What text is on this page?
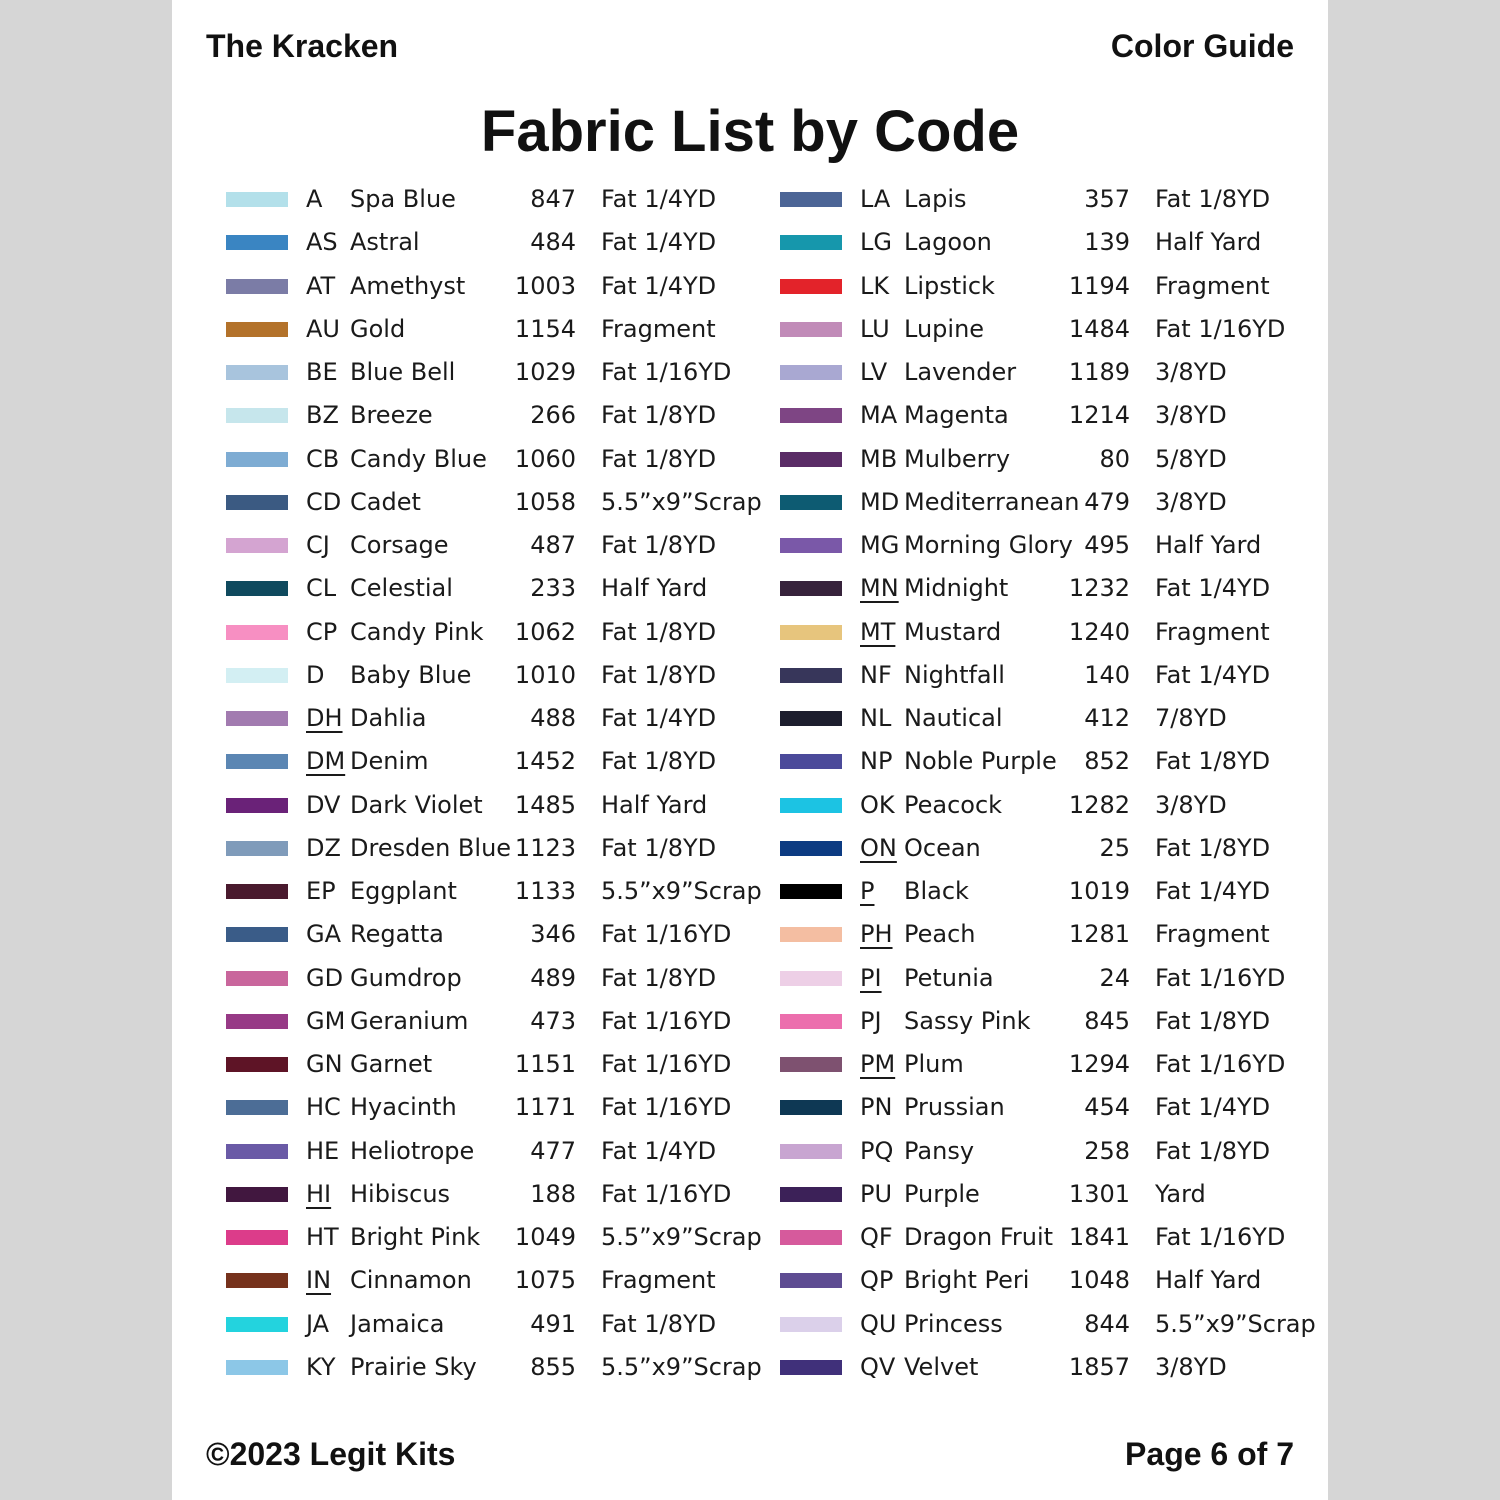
The Kracken	Color Guide
Fabric List by Code
A Spa Blue	847 Fat 1/4YD
AS Astral	484 Fat 1/4YD
AT Amethyst	1003 Fat 1/4YD
AU Gold	1154 Fragment
BE Blue Bell	1029 Fat 1/16YD
BZ Breeze	266 Fat 1/8YD
CB Candy Blue	1060 Fat 1/8YD
CD Cadet	1058 5.5”x9”Scrap
CJ Corsage	487 Fat 1/8YD
CL Celestial	233 Half Yard
CP Candy Pink	1062 Fat 1/8YD
D Baby Blue	1010 Fat 1/8YD
DH Dahlia	488 Fat 1/4YD
DM Denim	1452 Fat 1/8YD
DV Dark Violet	1485 Half Yard
DZ Dresden Blue 1123 Fat 1/8YD
EP Eggplant	1133 5.5”x9”Scrap
GA Regatta	346 Fat 1/16YD
GD Gumdrop	489 Fat 1/8YD
GM Geranium	473 Fat 1/16YD
GN Garnet	1151 Fat 1/16YD
HC Hyacinth	1171 Fat 1/16YD
HE Heliotrope	477 Fat 1/4YD
HI Hibiscus	188 Fat 1/16YD
HT Bright Pink	1049 5.5”x9”Scrap
IN Cinnamon	1075 Fragment
JA Jamaica	491 Fat 1/8YD
KY Prairie Sky	855 5.5”x9”Scrap
LA Lapis	357 Fat 1/8YD
LG Lagoon	139 Half Yard
LK Lipstick	1194 Fragment
LU Lupine	1484 Fat 1/16YD
LV Lavender	1189 3/8YD
MA Magenta	1214 3/8YD
MB Mulberry	80 5/8YD
MD Mediterranean 479 3/8YD
MG Morning Glory 495 Half Yard
MN Midnight	1232 Fat 1/4YD
MT Mustard	1240 Fragment
NF Nightfall	140 Fat 1/4YD
NL Nautical	412 7/8YD
NP Noble Purple	852 Fat 1/8YD
OK Peacock	1282 3/8YD
ON Ocean	25 Fat 1/8YD
P Black	1019 Fat 1/4YD
PH Peach	1281 Fragment
PI Petunia	24 Fat 1/16YD
PJ Sassy Pink	845 Fat 1/8YD
PM Plum	1294 Fat 1/16YD
PN Prussian	454 Fat 1/4YD
PQ Pansy	258 Fat 1/8YD
PU Purple	1301 Yard
QF Dragon Fruit 1841 Fat 1/16YD
QP Bright Peri	1048 Half Yard
QU Princess	844 5.5”x9”Scrap
QV Velvet	1857 3/8YD
©2023 Legit Kits	Page 6 of 7
